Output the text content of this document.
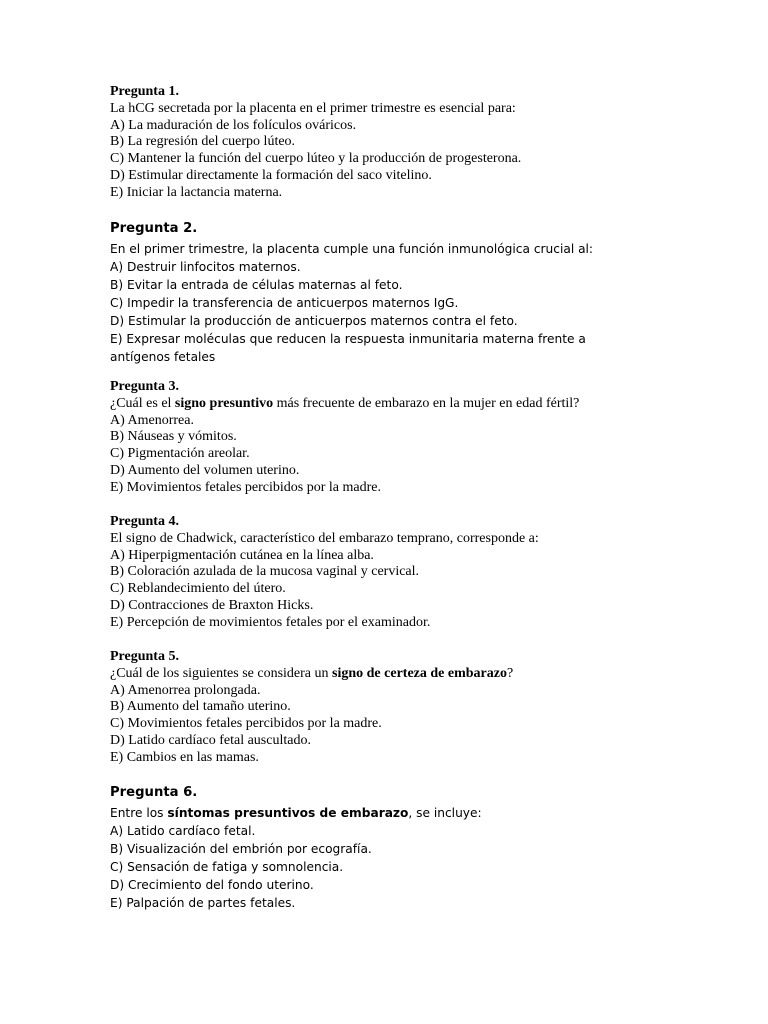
Pregunta 1.
La hCG secretada por la placenta en el primer trimestre es esencial para:
A) La maduración de los folículos ováricos.
B) La regresión del cuerpo lúteo.
C) Mantener la función del cuerpo lúteo y la producción de progesterona.
D) Estimular directamente la formación del saco vitelino.
E) Iniciar la lactancia materna.
Pregunta 2.
En el primer trimestre, la placenta cumple una función inmunológica crucial al:
A) Destruir linfocitos maternos.
B) Evitar la entrada de células maternas al feto.
C) Impedir la transferencia de anticuerpos maternos IgG.
D) Estimular la producción de anticuerpos maternos contra el feto.
E) Expresar moléculas que reducen la respuesta inmunitaria materna frente a antígenos fetales
Pregunta 3.
¿Cuál es el signo presuntivo más frecuente de embarazo en la mujer en edad fértil?
A) Amenorrea.
B) Náuseas y vómitos.
C) Pigmentación areolar.
D) Aumento del volumen uterino.
E) Movimientos fetales percibidos por la madre.
Pregunta 4.
El signo de Chadwick, característico del embarazo temprano, corresponde a:
A) Hiperpigmentación cutánea en la línea alba.
B) Coloración azulada de la mucosa vaginal y cervical.
C) Reblandecimiento del útero.
D) Contracciones de Braxton Hicks.
E) Percepción de movimientos fetales por el examinador.
Pregunta 5.
¿Cuál de los siguientes se considera un signo de certeza de embarazo?
A) Amenorrea prolongada.
B) Aumento del tamaño uterino.
C) Movimientos fetales percibidos por la madre.
D) Latido cardíaco fetal auscultado.
E) Cambios en las mamas.
Pregunta 6.
Entre los síntomas presuntivos de embarazo, se incluye:
A) Latido cardíaco fetal.
B) Visualización del embrión por ecografía.
C) Sensación de fatiga y somnolencia.
D) Crecimiento del fondo uterino.
E) Palpación de partes fetales.
